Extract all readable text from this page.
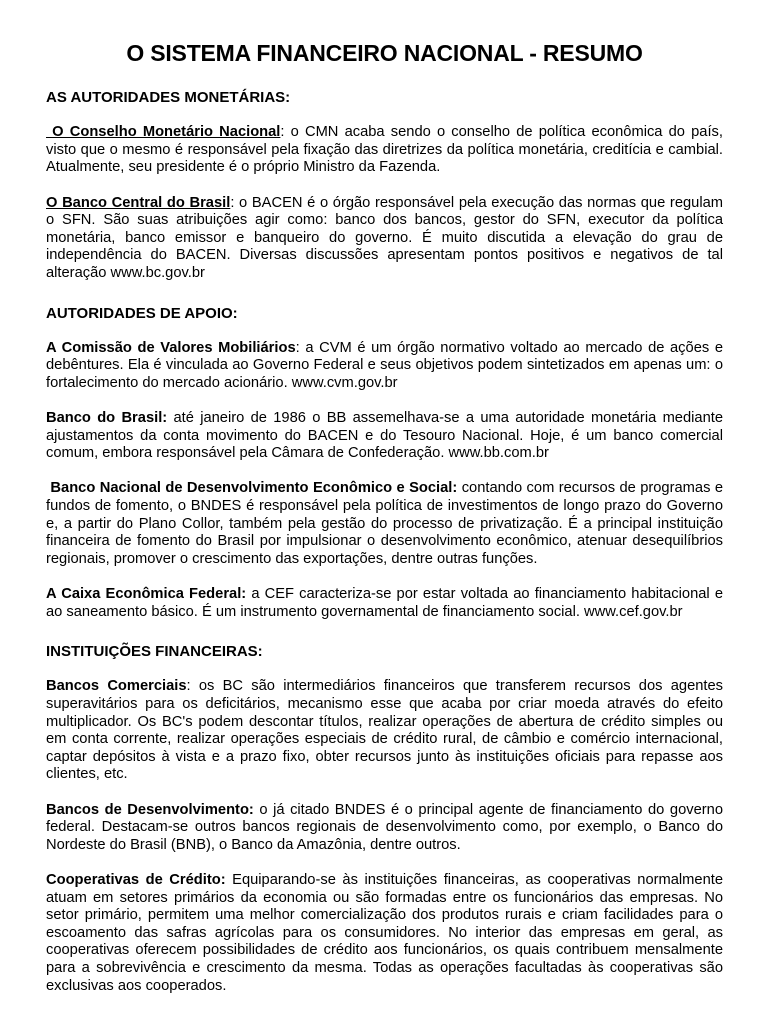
O SISTEMA FINANCEIRO NACIONAL - RESUMO
AS AUTORIDADES MONETÁRIAS:

O Conselho Monetário Nacional: o CMN acaba sendo o conselho de política econômica do país, visto que o mesmo é responsável pela fixação das diretrizes da política monetária, creditícia e cambial. Atualmente, seu presidente é o próprio Ministro da Fazenda.

O Banco Central do Brasil: o BACEN é o órgão responsável pela execução das normas que regulam o SFN. São suas atribuições agir como: banco dos bancos, gestor do SFN, executor da política monetária, banco emissor e banqueiro do governo. É muito discutida a elevação do grau de independência do BACEN. Diversas discussões apresentam pontos positivos e negativos de tal alteração www.bc.gov.br

AUTORIDADES DE APOIO:

A Comissão de Valores Mobiliários: a CVM é um órgão normativo voltado ao mercado de ações e debêntures. Ela é vinculada ao Governo Federal e seus objetivos podem sintetizados em apenas um: o fortalecimento do mercado acionário. www.cvm.gov.br

Banco do Brasil: até janeiro de 1986 o BB assemelhava-se a uma autoridade monetária mediante ajustamentos da conta movimento do BACEN e do Tesouro Nacional. Hoje, é um banco comercial comum, embora responsável pela Câmara de Confederação. www.bb.com.br

Banco Nacional de Desenvolvimento Econômico e Social: contando com recursos de programas e fundos de fomento, o BNDES é responsável pela política de investimentos de longo prazo do Governo e, a partir do Plano Collor, também pela gestão do processo de privatização. É a principal instituição financeira de fomento do Brasil por impulsionar o desenvolvimento econômico, atenuar desequilíbrios regionais, promover o crescimento das exportações, dentre outras funções.

A Caixa Econômica Federal: a CEF caracteriza-se por estar voltada ao financiamento habitacional e ao saneamento básico. É um instrumento governamental de financiamento social. www.cef.gov.br

INSTITUIÇÕES FINANCEIRAS:

Bancos Comerciais: os BC são intermediários financeiros que transferem recursos dos agentes superavitários para os deficitários, mecanismo esse que acaba por criar moeda através do efeito multiplicador. Os BC's podem descontar títulos, realizar operações de abertura de crédito simples ou em conta corrente, realizar operações especiais de crédito rural, de câmbio e comércio internacional, captar depósitos à vista e a prazo fixo, obter recursos junto às instituições oficiais para repasse aos clientes, etc.

Bancos de Desenvolvimento: o já citado BNDES é o principal agente de financiamento do governo federal. Destacam-se outros bancos regionais de desenvolvimento como, por exemplo, o Banco do Nordeste do Brasil (BNB), o Banco da Amazônia, dentre outros.

Cooperativas de Crédito: Equiparando-se às instituições financeiras, as cooperativas normalmente atuam em setores primários da economia ou são formadas entre os funcionários das empresas. No setor primário, permitem uma melhor comercialização dos produtos rurais e criam facilidades para o escoamento das safras agrícolas para os consumidores. No interior das empresas em geral, as cooperativas oferecem possibilidades de crédito aos funcionários, os quais contribuem mensalmente para a sobrevivência e crescimento da mesma. Todas as operações facultadas às cooperativas são exclusivas aos cooperados.
